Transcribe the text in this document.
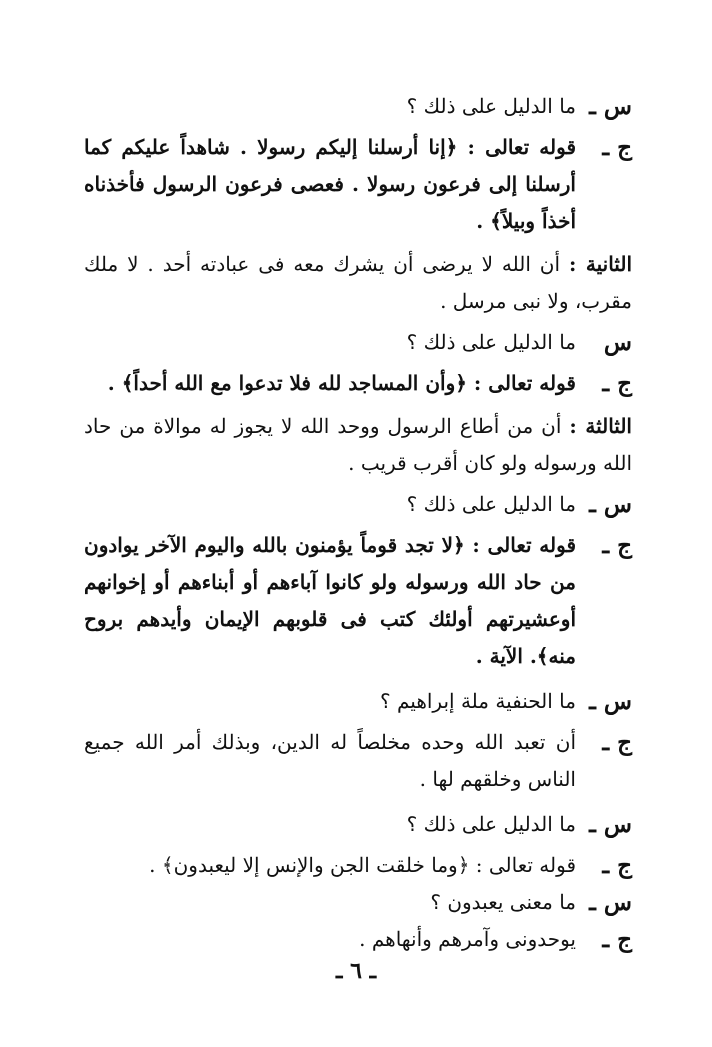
س ـ
ما الدليل على ذلك ؟
ج ـ
قوله تعالى : ﴿إنا أرسلنا إليكم رسولا . شاهداً عليكم كما أرسلنا إلى فرعون رسولا . فعصى فرعون الرسول فأخذناه أخذاً وبيلاً﴾ .
الثانية : أن الله لا يرضى أن يشرك معه فى عبادته أحد . لا ملك مقرب، ولا نبى مرسل .
س
ما الدليل على ذلك ؟
ج ـ
قوله تعالى : ﴿وأن المساجد لله فلا تدعوا مع الله أحداً﴾ .
الثالثة : أن من أطاع الرسول ووحد الله لا يجوز له موالاة من حاد الله ورسوله ولو كان أقرب قريب .
س ـ
ما الدليل على ذلك ؟
ج ـ
قوله تعالى : ﴿لا تجد قوماً يؤمنون بالله واليوم الآخر يوادون من حاد الله ورسوله ولو كانوا آباءهم أو أبناءهم أو إخوانهم أوعشيرتهم أولئك كتب فى قلوبهم الإيمان وأيدهم بروح منه﴾. الآية .
س ـ
ما الحنفية ملة إبراهيم ؟
ج ـ
أن تعبد الله وحده مخلصاً له الدين، وبذلك أمر الله جميع الناس وخلقهم لها .
س ـ
ما الدليل على ذلك ؟
ج ـ
قوله تعالى : ﴿وما خلقت الجن والإنس إلا ليعبدون﴾ .
س ـ
ما معنى يعبدون ؟
ج ـ
يوحدونى وآمرهم وأنهاهم .
ـ ٦ ـ
